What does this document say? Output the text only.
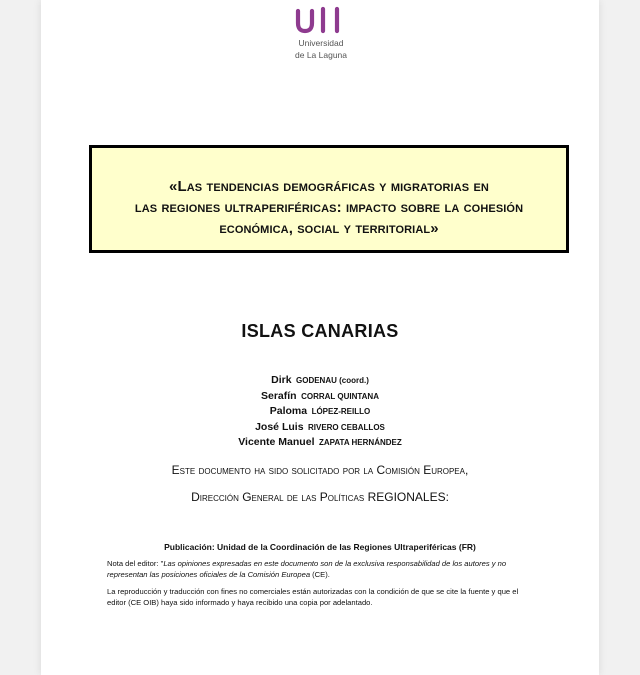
Universidad
de La Laguna
«Las tendencias demográficas y migratorias en
las regiones ultraperiféricas: impacto sobre la cohesión
económica, social y territorial»
ISLAS CANARIAS
Dirk GODENAU (coord.)
Serafín CORRAL QUINTANA
Paloma LÓPEZ-REILLO
José Luis RIVERO CEBALLOS
Vicente Manuel ZAPATA HERNÁNDEZ
Este documento ha sido solicitado por la Comisión Europea,
Dirección General de las Políticas REGIONALES:
Publicación: Unidad de la Coordinación de las Regiones Ultraperiféricas (FR)
Nota del editor: "Las opiniones expresadas en este documento son de la exclusiva responsabilidad de los autores y no
representan las posiciones oficiales de la Comisión Europea (CE).
La reproducción y traducción con fines no comerciales están autorizadas con la condición de que se cite la fuente y que el
editor (CE OIB) haya sido informado y haya recibido una copia por adelantado.
